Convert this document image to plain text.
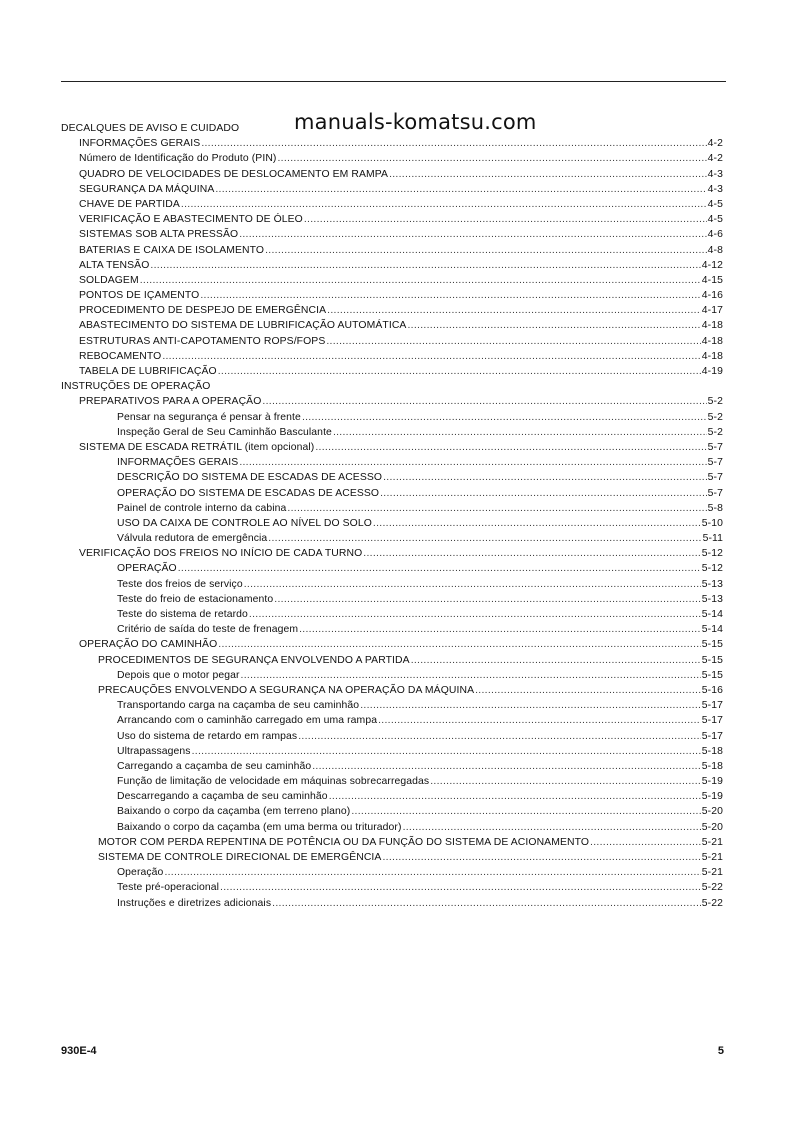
manuals-komatsu.com
DECALQUES DE AVISO E CUIDADO
INFORMAÇÕES GERAIS .....	4-2
Número de Identificação do Produto (PIN) .....	4-2
QUADRO DE VELOCIDADES DE DESLOCAMENTO EM RAMPA .....	4-3
SEGURANÇA DA MÁQUINA .....	4-3
CHAVE DE PARTIDA .....	4-5
VERIFICAÇÃO E ABASTECIMENTO DE ÓLEO .....	4-5
SISTEMAS SOB ALTA PRESSÃO .....	4-6
BATERIAS E CAIXA DE ISOLAMENTO .....	4-8
ALTA TENSÃO .....	4-12
SOLDAGEM .....	4-15
PONTOS DE IÇAMENTO .....	4-16
PROCEDIMENTO DE DESPEJO DE EMERGÊNCIA .....	4-17
ABASTECIMENTO DO SISTEMA DE LUBRIFICAÇÃO AUTOMÁTICA .....	4-18
ESTRUTURAS ANTI-CAPOTAMENTO ROPS/FOPS .....	4-18
REBOCAMENTO .....	4-18
TABELA DE LUBRIFICAÇÃO .....	4-19
INSTRUÇÕES DE OPERAÇÃO
PREPARATIVOS PARA A OPERAÇÃO .....	5-2
Pensar na segurança é pensar à frente .....	5-2
Inspeção Geral de Seu Caminhão Basculante .....	5-2
SISTEMA DE ESCADA RETRÁTIL (item opcional) .....	5-7
INFORMAÇÕES GERAIS .....	5-7
DESCRIÇÃO DO SISTEMA DE ESCADAS DE ACESSO .....	5-7
OPERAÇÃO DO SISTEMA DE ESCADAS DE ACESSO .....	5-7
Painel de controle interno da cabina .....	5-8
USO DA CAIXA DE CONTROLE AO NÍVEL DO SOLO .....	5-10
Válvula redutora de emergência .....	5-11
VERIFICAÇÃO DOS FREIOS NO INÍCIO DE CADA TURNO .....	5-12
OPERAÇÃO .....	5-12
Teste dos freios de serviço .....	5-13
Teste do freio de estacionamento .....	5-13
Teste do sistema de retardo .....	5-14
Critério de saída do teste de frenagem .....	5-14
OPERAÇÃO DO CAMINHÃO .....	5-15
PROCEDIMENTOS DE SEGURANÇA ENVOLVENDO A PARTIDA .....	5-15
Depois que o motor pegar .....	5-15
PRECAUÇÕES ENVOLVENDO A SEGURANÇA NA OPERAÇÃO DA MÁQUINA .....	5-16
Transportando carga na caçamba de seu caminhão .....	5-17
Arrancando com o caminhão carregado em uma rampa .....	5-17
Uso do sistema de retardo em rampas .....	5-17
Ultrapassagens .....	5-18
Carregando a caçamba de seu caminhão .....	5-18
Função de limitação de velocidade em máquinas sobrecarregadas .....	5-19
Descarregando a caçamba de seu caminhão .....	5-19
Baixando o corpo da caçamba (em terreno plano) .....	5-20
Baixando o corpo da caçamba (em uma berma ou triturador) .....	5-20
MOTOR COM PERDA REPENTINA DE POTÊNCIA OU DA FUNÇÃO DO SISTEMA DE ACIONAMENTO .....	5-21
SISTEMA DE CONTROLE DIRECIONAL DE EMERGÊNCIA .....	5-21
Operação .....	5-21
Teste pré-operacional .....	5-22
Instruções e diretrizes adicionais .....	5-22
930E-4	5
